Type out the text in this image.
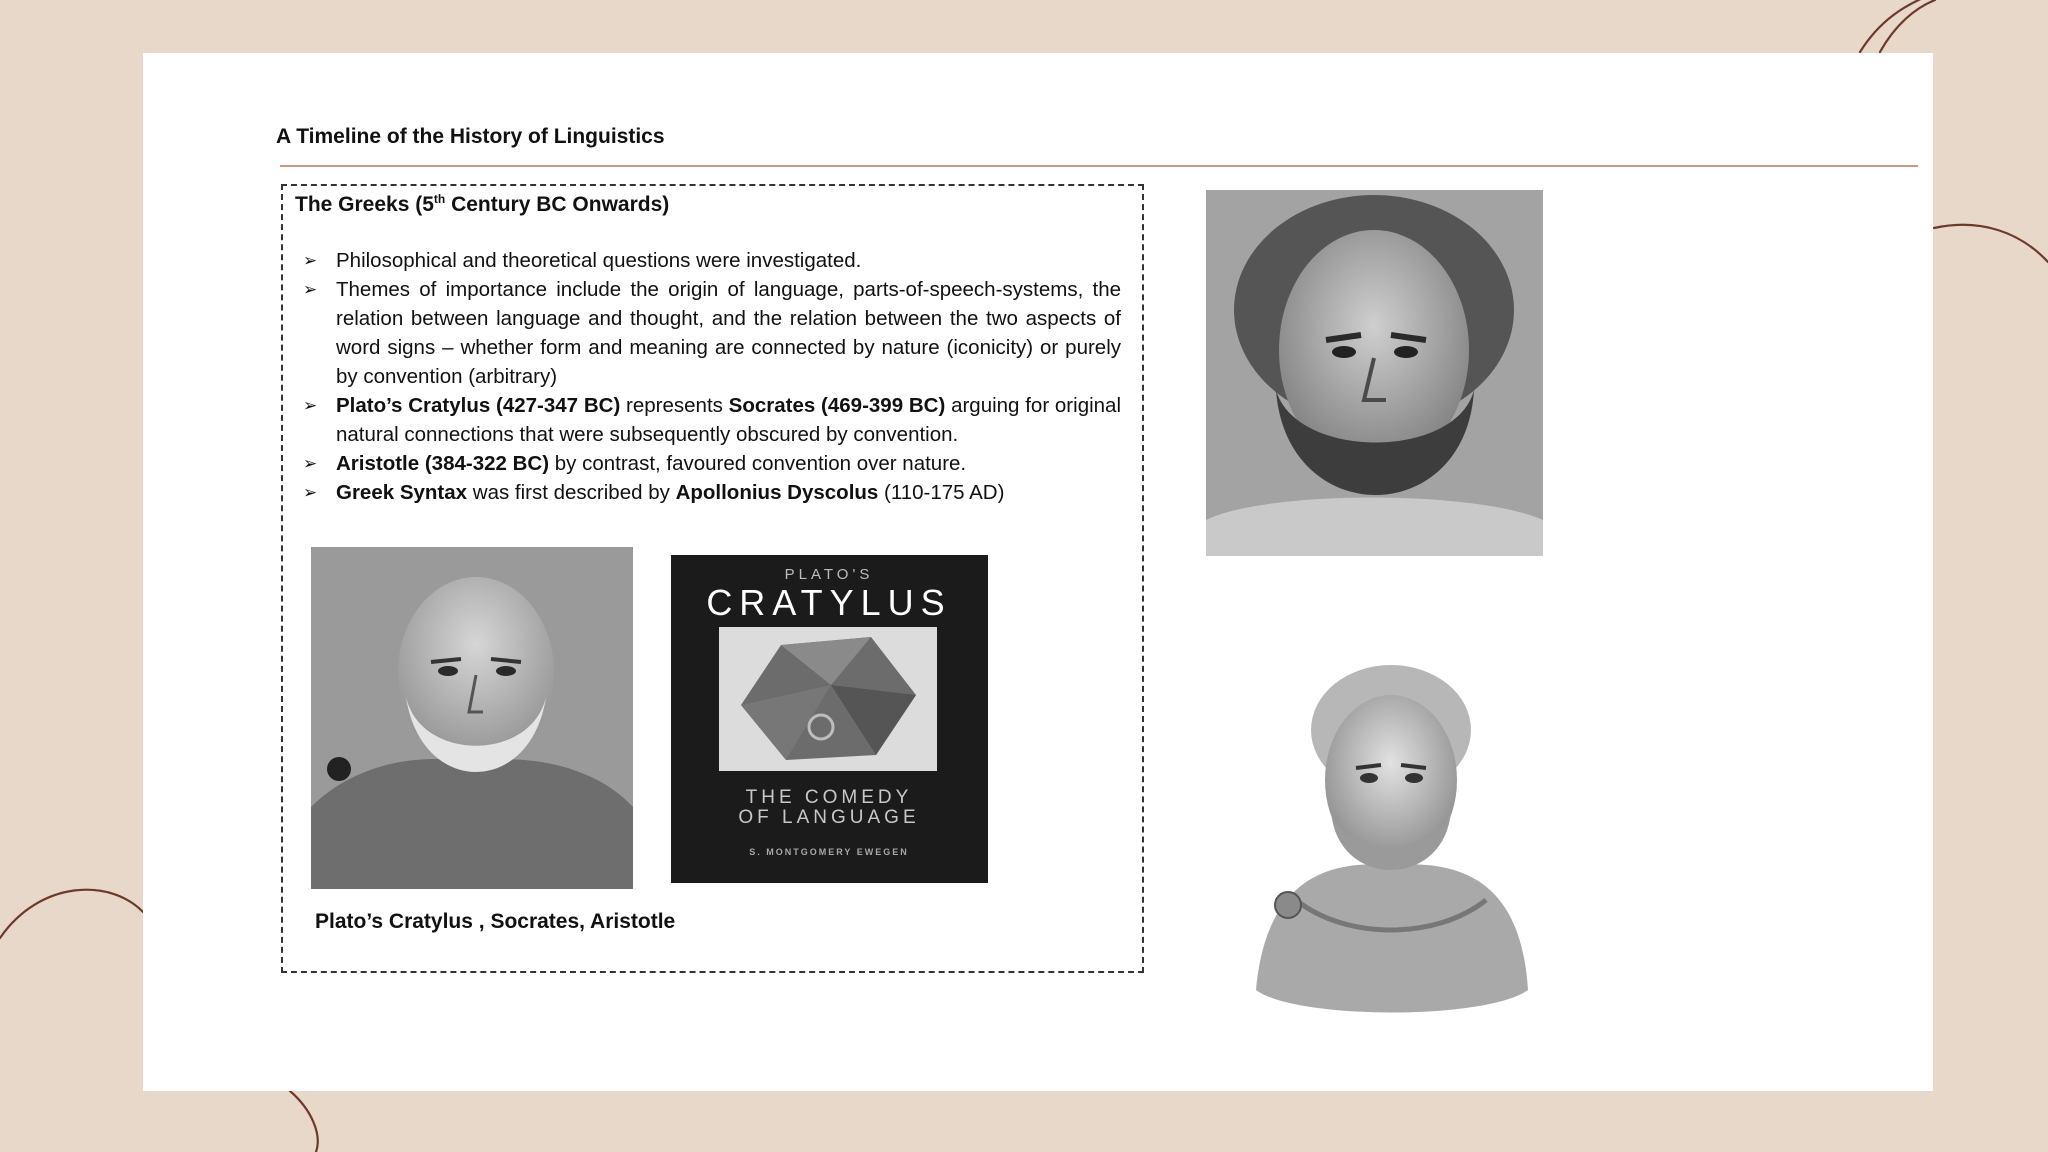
A Timeline of the History of Linguistics
The Greeks (5th Century BC Onwards)
➢ Philosophical and theoretical questions were investigated.
➢ Themes of importance include the origin of language, parts-of-speech-systems, the relation between language and thought, and the relation between the two aspects of word signs – whether form and meaning are connected by nature (iconicity) or purely by convention (arbitrary)
➢ Plato’s Cratylus (427-347 BC) represents Socrates (469-399 BC) arguing for original natural connections that were subsequently obscured by convention.
➢ Aristotle (384-322 BC) by contrast, favoured convention over nature.
➢ Greek Syntax was first described by Apollonius Dyscolus (110-175 AD)
PLATO'S
CRATYLUS
THE COMEDY
OF LANGUAGE
S. MONTGOMERY EWEGEN
Plato’s Cratylus , Socrates, Aristotle
